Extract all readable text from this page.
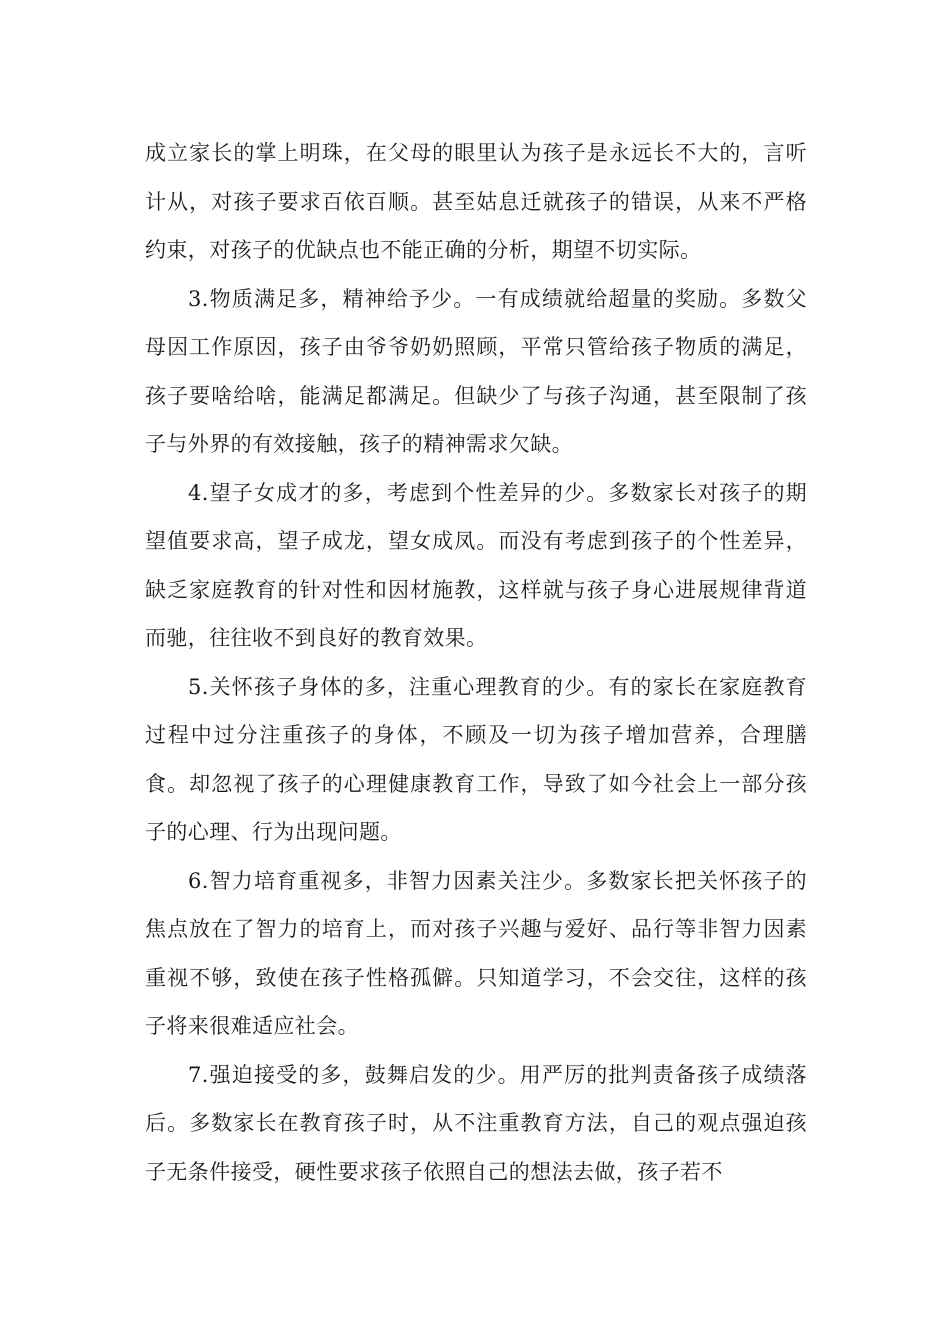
成立家长的掌上明珠，在父母的眼里认为孩子是永远长不大的，言听计从，对孩子要求百依百顺。甚至姑息迁就孩子的错误，从来不严格约束，对孩子的优缺点也不能正确的分析，期望不切实际。

3.物质满足多，精神给予少。一有成绩就给超量的奖励。多数父母因工作原因，孩子由爷爷奶奶照顾，平常只管给孩子物质的满足，孩子要啥给啥，能满足都满足。但缺少了与孩子沟通，甚至限制了孩子与外界的有效接触，孩子的精神需求欠缺。

4.望子女成才的多，考虑到个性差异的少。多数家长对孩子的期望值要求高，望子成龙，望女成凤。而没有考虑到孩子的个性差异，缺乏家庭教育的针对性和因材施教，这样就与孩子身心进展规律背道而驰，往往收不到良好的教育效果。

5.关怀孩子身体的多，注重心理教育的少。有的家长在家庭教育过程中过分注重孩子的身体，不顾及一切为孩子增加营养，合理膳食。却忽视了孩子的心理健康教育工作，导致了如今社会上一部分孩子的心理、行为出现问题。

6.智力培育重视多，非智力因素关注少。多数家长把关怀孩子的焦点放在了智力的培育上，而对孩子兴趣与爱好、品行等非智力因素重视不够，致使在孩子性格孤僻。只知道学习，不会交往，这样的孩子将来很难适应社会。

7.强迫接受的多，鼓舞启发的少。用严厉的批判责备孩子成绩落后。多数家长在教育孩子时，从不注重教育方法，自己的观点强迫孩子无条件接受，硬性要求孩子依照自己的想法去做，孩子若不
